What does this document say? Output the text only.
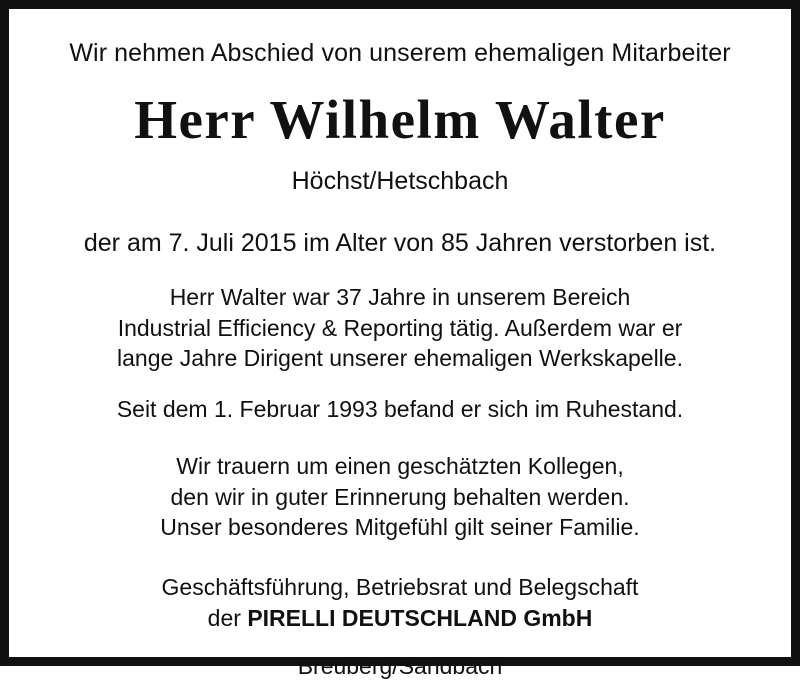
Wir nehmen Abschied von unserem ehemaligen Mitarbeiter
Herr Wilhelm Walter
Höchst/Hetschbach
der am 7. Juli 2015 im Alter von 85 Jahren verstorben ist.
Herr Walter war 37 Jahre in unserem Bereich
Industrial Efficiency & Reporting tätig. Außerdem war er
lange Jahre Dirigent unserer ehemaligen Werkskapelle.
Seit dem 1. Februar 1993 befand er sich im Ruhestand.
Wir trauern um einen geschätzten Kollegen,
den wir in guter Erinnerung behalten werden.
Unser besonderes Mitgefühl gilt seiner Familie.
Geschäftsführung, Betriebsrat und Belegschaft
der PIRELLI DEUTSCHLAND GmbH
Breuberg/Sandbach
